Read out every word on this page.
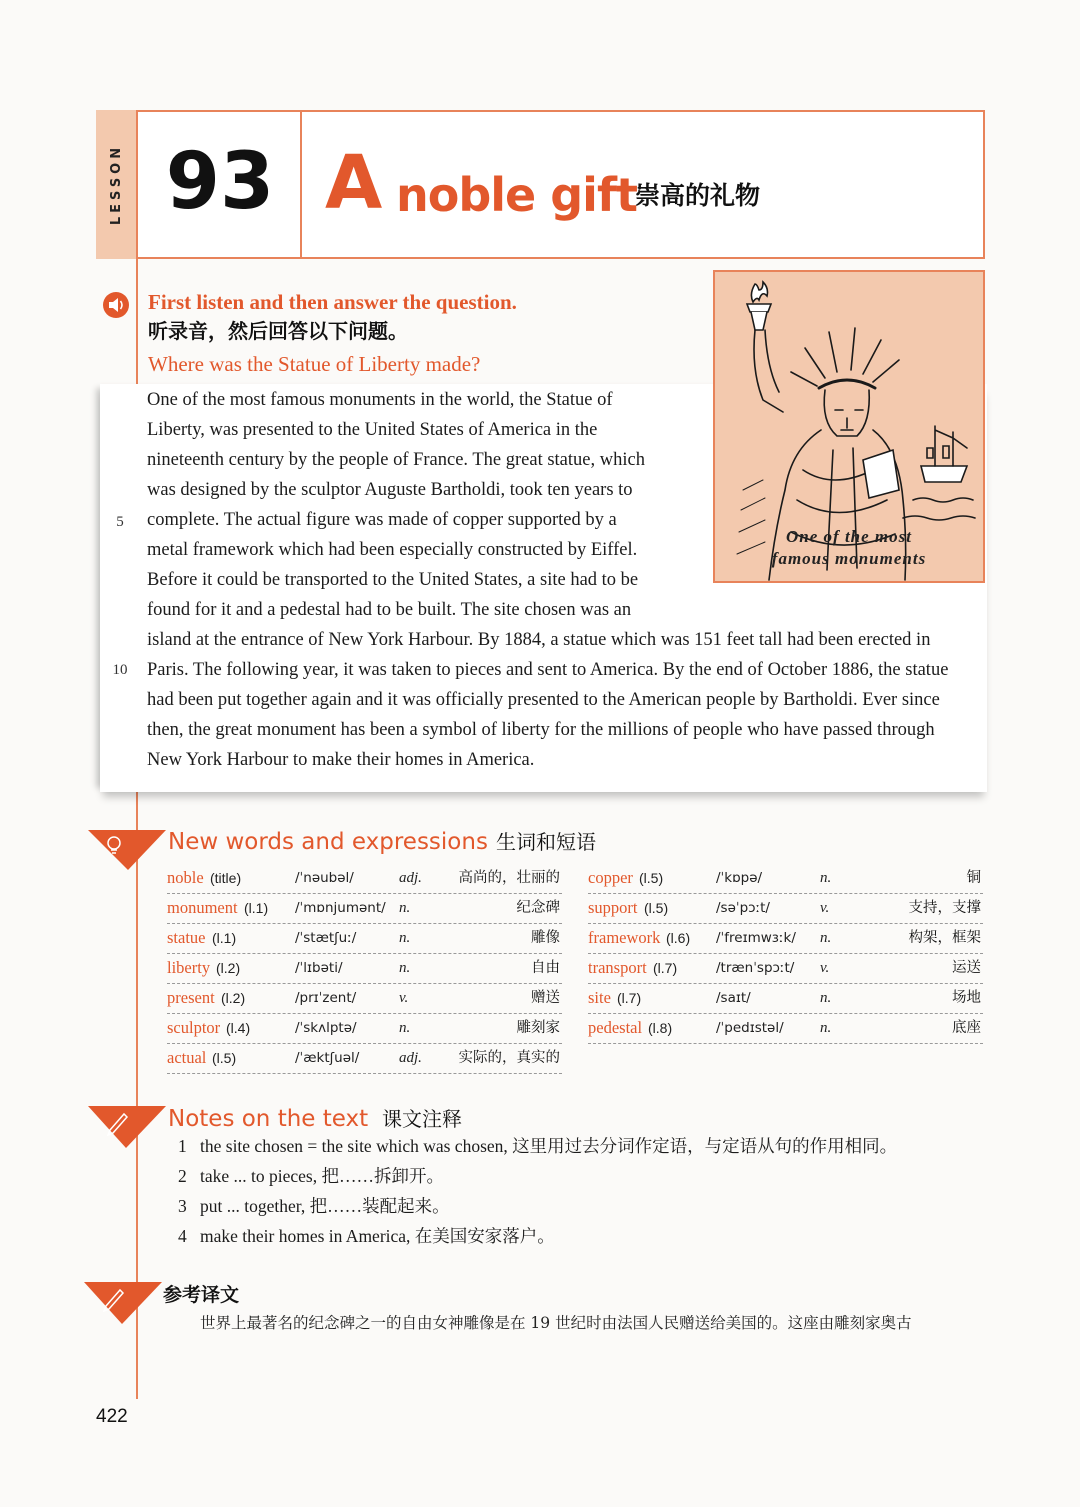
LESSON 93 A noble gift
崇高的礼物
First listen and then answer the question.
听录音，然后回答以下问题。
Where was the Statue of Liberty made?
One of the most famous monuments in the world, the Statue of
Liberty, was presented to the United States of America in the
nineteenth century by the people of France. The great statue, which
was designed by the sculptor Auguste Bartholdi, took ten years to
complete. The actual figure was made of copper supported by a
metal framework which had been especially constructed by Eiffel.
Before it could be transported to the United States, a site had to be
found for it and a pedestal had to be built. The site chosen was an
island at the entrance of New York Harbour. By 1884, a statue which was 151 feet tall had been erected in
Paris. The following year, it was taken to pieces and sent to America. By the end of October 1886, the statue
had been put together again and it was officially presented to the American people by Bartholdi. Ever since
then, the great monument has been a symbol of liberty for the millions of people who have passed through
New York Harbour to make their homes in America.
5
10
One of the most
famous monuments
New words and expressions 生词和短语
noble (title)	/ˈnəubəl/	adj.	高尚的，壮丽的
monument (l.1) /ˈmɒnjumənt/ n.	纪念碑
statue (l.1)	/ˈstætʃuː/	n.	雕像
liberty (l.2)	/ˈlɪbəti/	n.	自由
present (l.2)	/prɪˈzent/	v.	赠送
sculptor (l.4)	/ˈskʌlptə/	n.	雕刻家
actual (l.5)	/ˈæktʃuəl/	adj.	实际的，真实的
copper (l.5)	/ˈkɒpə/	n.	铜
support (l.5)	/səˈpɔːt/	v.	支持，支撑
framework (l.6) /ˈfreɪmwɜːk/ n.	构架，框架
transport (l.7)	/trænˈspɔːt/ v.	运送
site (l.7)	/saɪt/	n.	场地
pedestal (l.8)	/ˈpedɪstəl/ n.	底座
Notes on the text 课文注释
1 the site chosen = the site which was chosen, 这里用过去分词作定语，与定语从句的作用相同。
2 take ... to pieces, 把……拆卸开。
3 put ... together, 把……装配起来。
4 make their homes in America, 在美国安家落户。
参考译文
世界上最著名的纪念碑之一的自由女神雕像是在 19 世纪时由法国人民赠送给美国的。这座由雕刻家奥古
422
